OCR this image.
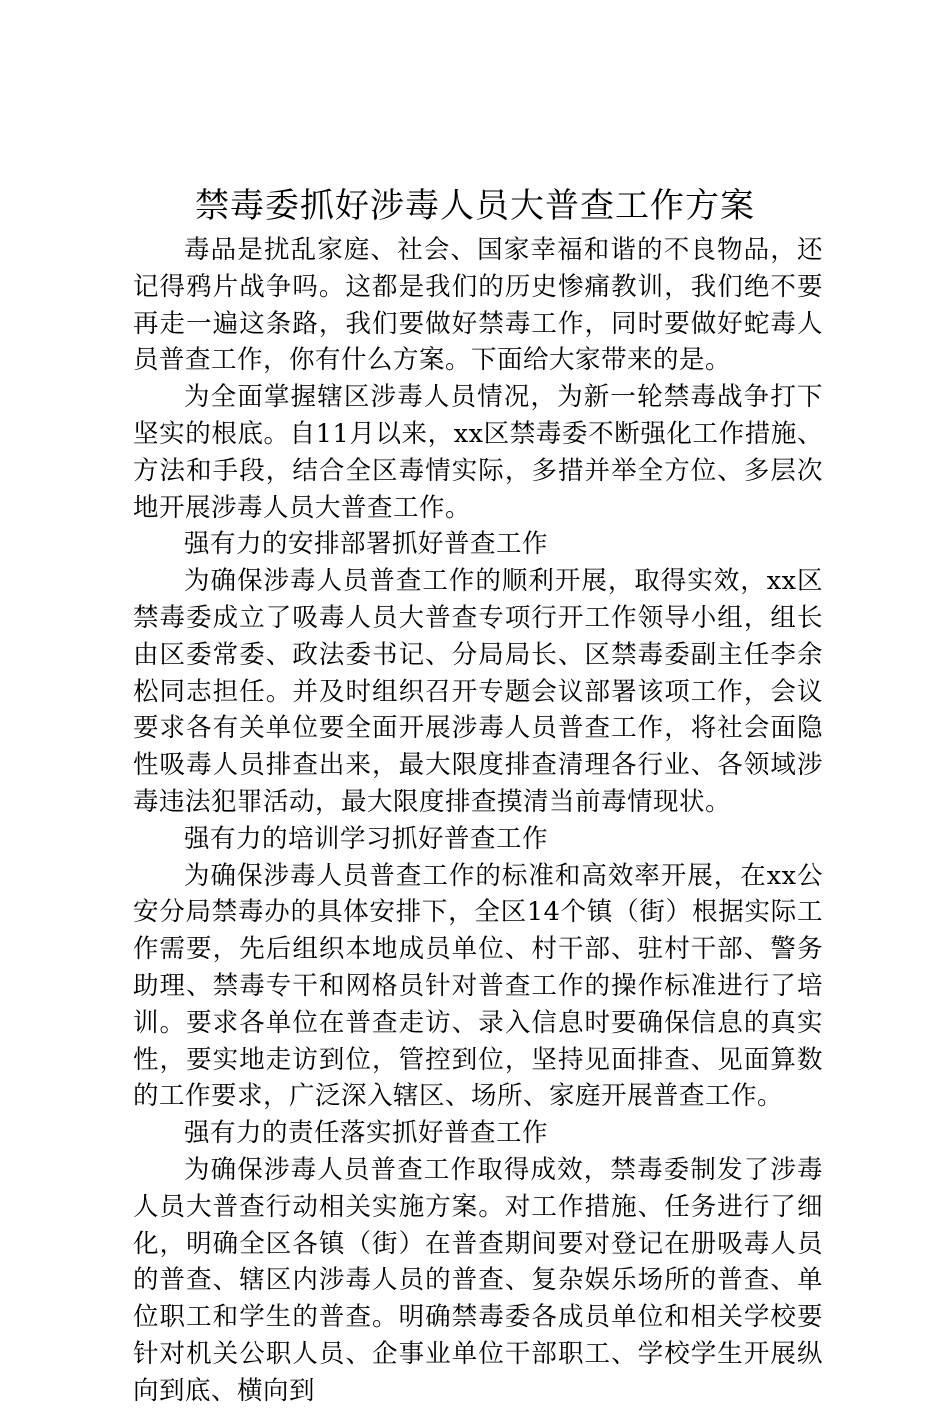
禁毒委抓好涉毒人员大普查工作方案

毒品是扰乱家庭、社会、国家幸福和谐的不良物品，还记得鸦片战争吗。这都是我们的历史惨痛教训，我们绝不要再走一遍这条路，我们要做好禁毒工作，同时要做好蛇毒人员普查工作，你有什么方案。下面给大家带来的是。

为全面掌握辖区涉毒人员情况，为新一轮禁毒战争打下坚实的根底。自11月以来，xx区禁毒委不断强化工作措施、方法和手段，结合全区毒情实际，多措并举全方位、多层次地开展涉毒人员大普查工作。

强有力的安排部署抓好普查工作

为确保涉毒人员普查工作的顺利开展，取得实效，xx区禁毒委成立了吸毒人员大普查专项行开工作领导小组，组长由区委常委、政法委书记、分局局长、区禁毒委副主任李余松同志担任。并及时组织召开专题会议部署该项工作，会议要求各有关单位要全面开展涉毒人员普查工作，将社会面隐性吸毒人员排查出来，最大限度排查清理各行业、各领域涉毒违法犯罪活动，最大限度排查摸清当前毒情现状。

强有力的培训学习抓好普查工作

为确保涉毒人员普查工作的标准和高效率开展，在xx公安分局禁毒办的具体安排下，全区14个镇（街）根据实际工作需要，先后组织本地成员单位、村干部、驻村干部、警务助理、禁毒专干和网格员针对普查工作的操作标准进行了培训。要求各单位在普查走访、录入信息时要确保信息的真实性，要实地走访到位，管控到位，坚持见面排查、见面算数的工作要求，广泛深入辖区、场所、家庭开展普查工作。

强有力的责任落实抓好普查工作

为确保涉毒人员普查工作取得成效，禁毒委制发了涉毒人员大普查行动相关实施方案。对工作措施、任务进行了细化，明确全区各镇（街）在普查期间要对登记在册吸毒人员的普查、辖区内涉毒人员的普查、复杂娱乐场所的普查、单位职工和学生的普查。明确禁毒委各成员单位和相关学校要针对机关公职人员、企事业单位干部职工、学校学生开展纵向到底、横向到
